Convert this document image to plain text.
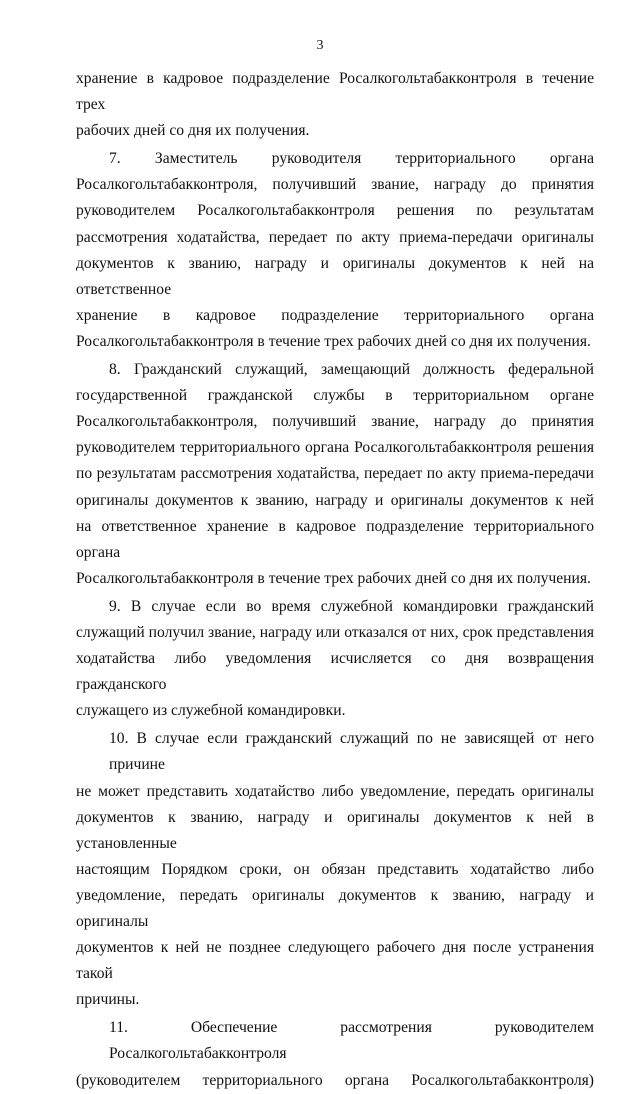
3
хранение в кадровое подразделение Росалкогольтабакконтроля в течение трех
рабочих дней со дня их получения.
7. Заместитель руководителя территориального органа
Росалкогольтабакконтроля, получивший звание, награду до принятия
руководителем Росалкогольтабакконтроля решения по результатам
рассмотрения ходатайства, передает по акту приема-передачи оригиналы
документов к званию, награду и оригиналы документов к ней на ответственное
хранение в кадровое подразделение территориального органа
Росалкогольтабакконтроля в течение трех рабочих дней со дня их получения.
8. Гражданский служащий, замещающий должность федеральной
государственной гражданской службы в территориальном органе
Росалкогольтабакконтроля, получивший звание, награду до принятия
руководителем территориального органа Росалкогольтабакконтроля решения
по результатам рассмотрения ходатайства, передает по акту приема-передачи
оригиналы документов к званию, награду и оригиналы документов к ней
на ответственное хранение в кадровое подразделение территориального органа
Росалкогольтабакконтроля в течение трех рабочих дней со дня их получения.
9. В случае если во время служебной командировки гражданский
служащий получил звание, награду или отказался от них, срок представления
ходатайства либо уведомления исчисляется со дня возвращения гражданского
служащего из служебной командировки.
10. В случае если гражданский служащий по не зависящей от него причине
не может представить ходатайство либо уведомление, передать оригиналы
документов к званию, награду и оригиналы документов к ней в установленные
настоящим Порядком сроки, он обязан представить ходатайство либо
уведомление, передать оригиналы документов к званию, награду и оригиналы
документов к ней не позднее следующего рабочего дня после устранения такой
причины.
11. Обеспечение рассмотрения руководителем Росалкогольтабакконтроля
(руководителем территориального органа Росалкогольтабакконтроля)
